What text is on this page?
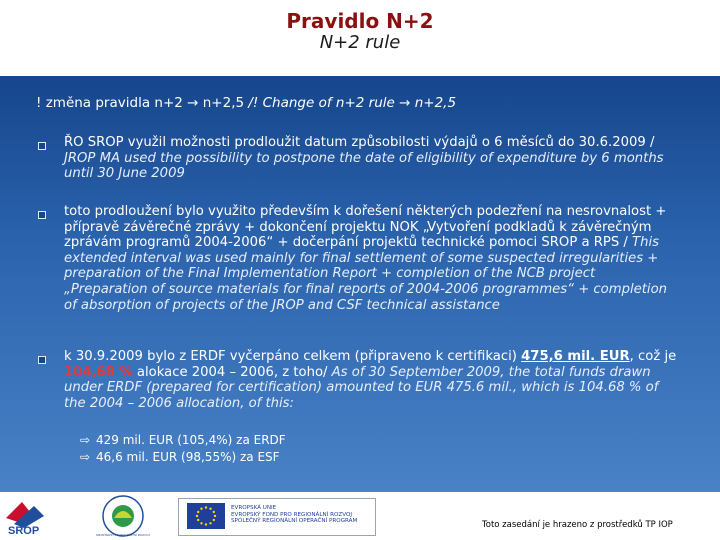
Pravidlo N+2
N+2 rule
! změna pravidla n+2 → n+2,5 /! Change of n+2 rule → n+2,5
ŘO SROP využil možnosti prodloužit datum způsobilosti výdajů o 6 měsíců do 30.6.2009 / JROP MA used the possibility to postpone the date of eligibility of expenditure by 6 months until 30 June 2009
toto prodloužení bylo využito především k dořešení některých podezření na nesrovnalost + přípravě závěrečné zprávy + dokončení projektu NOK „Vytvoření podkladů k závěrečným zprávám programů 2004-2006“ + dočerpání projektů technické pomoci SROP a RPS / This extended interval was used mainly for final settlement of some suspected irregularities + preparation of the Final Implementation Report + completion of the NCB project „Preparation of source materials for final reports of 2004-2006 programmes“ + completion of absorption of projects of the JROP and CSF technical assistance
k 30.9.2009 bylo z ERDF vyčerpáno celkem (připraveno k certifikaci) 475,6 mil. EUR, což je 104,68 % alokace 2004 – 2006, z toho/ As of 30 September 2009, the total funds drawn under ERDF (prepared for certification) amounted to EUR 475.6 mil., which is 104.68 % of the 2004 – 2006 allocation, of this:
⇨ 429 mil. EUR (105,4%) za ERDF
⇨ 46,6 mil. EUR (98,55%) za ESF
SROP	MINISTERSTVO PRO MÍSTNÍ ROZVOJ
EVROPSKÁ UNIE
EVROPSKÝ FOND PRO REGIONÁLNÍ ROZVOJ
SPOLEČNÝ REGIONÁLNÍ OPERAČNÍ PROGRAM	Toto zasedání je hrazeno z prostředků TP IOP
